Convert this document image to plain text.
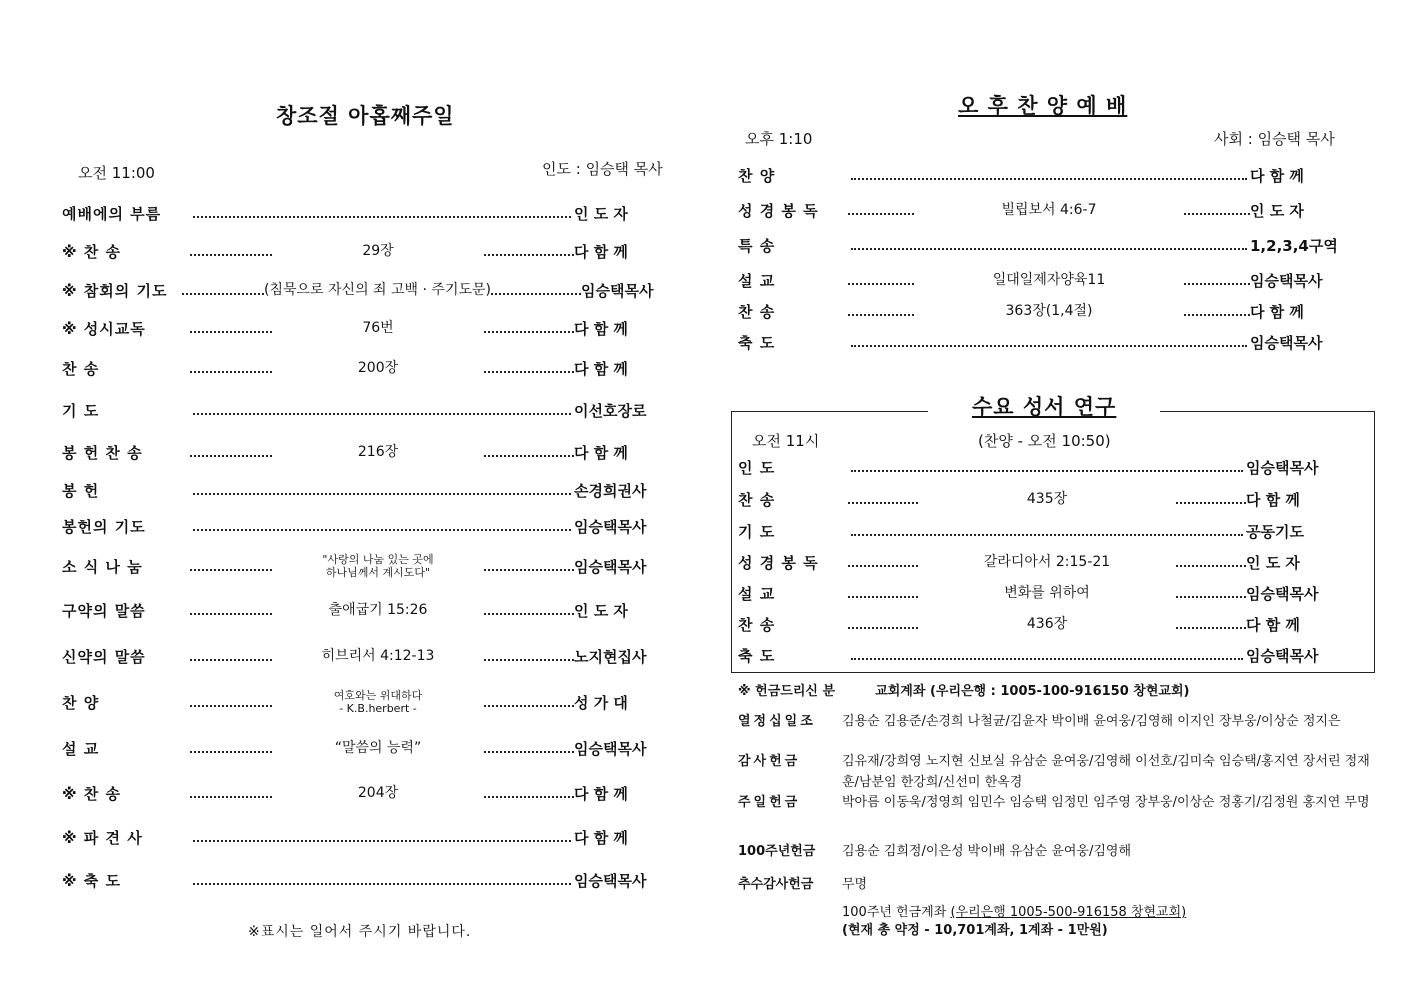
창조절 아홉째주일
오전 11:00	인도 : 임승택 목사
예배에의 부름	인 도 자
※ 찬 송	29장	다 함 께
※ 참회의 기도	(침묵으로 자신의 죄 고백 · 주기도문)	임승택목사
※ 성시교독	76번	다 함 께
찬 송	200장	다 함 께
기 도	이선호장로
봉 헌 찬 송	216장	다 함 께
봉 헌	손경희권사
봉헌의 기도	임승택목사
소 식 나 눔	"사랑의 나눔 있는 곳에
하나님께서 계시도다"	임승택목사
구약의 말씀	출애굽기 15:26	인 도 자
신약의 말씀	히브리서 4:12-13	노지현집사
찬 양	여호와는 위대하다
- K.B.herbert -	성 가 대
설 교	“말씀의 능력”	임승택목사
※ 찬 송	204장	다 함 께
※ 파 견 사	다 함 께
※ 축 도	임승택목사
※표시는 일어서 주시기 바랍니다.
오 후 찬 양 예 배
오후 1:10	사회 : 임승택 목사
찬 양	다 함 께
성 경 봉 독	빌립보서 4:6-7	인 도 자
특 송	1,2,3,4구역
설 교	일대일제자양육11	임승택목사
찬 송	363장(1,4절)	다 함 께
축 도	임승택목사
수요 성서 연구
오전 11시	(찬양 - 오전 10:50)
인 도	임승택목사
찬 송	435장	다 함 께
기 도	공동기도
성 경 봉 독	갈라디아서 2:15-21	인 도 자
설 교	변화를 위하여	임승택목사
찬 송	436장	다 함 께
축 도	임승택목사
※ 헌금드리신 분	교회계좌 (우리은행 : 1005-100-916150 창현교회)
열정십일조	김용순 김용준/손경희 나철균/김윤자 박이배 윤여웅/김영해 이지인 장부웅/이상순 정지은
감사헌금	김유재/강희영 노지현 신보실 유삼순 윤여웅/김영해 이선호/김미숙 임승택/홍지연 장서린 정재훈/남분임 한강희/신선미 한옥경
주일헌금	박아름 이동욱/정영희 임민수 임승택 임정민 임주영 장부웅/이상순 정홍기/김정원 홍지연 무명
100주년헌금	김용순 김희정/이은성 박이배 유삼순 윤여웅/김영해
추수감사헌금	무명
100주년 헌금계좌 (우리은행 1005-500-916158 창현교회)
(현재 총 약정 - 10,701계좌, 1계좌 - 1만원)
